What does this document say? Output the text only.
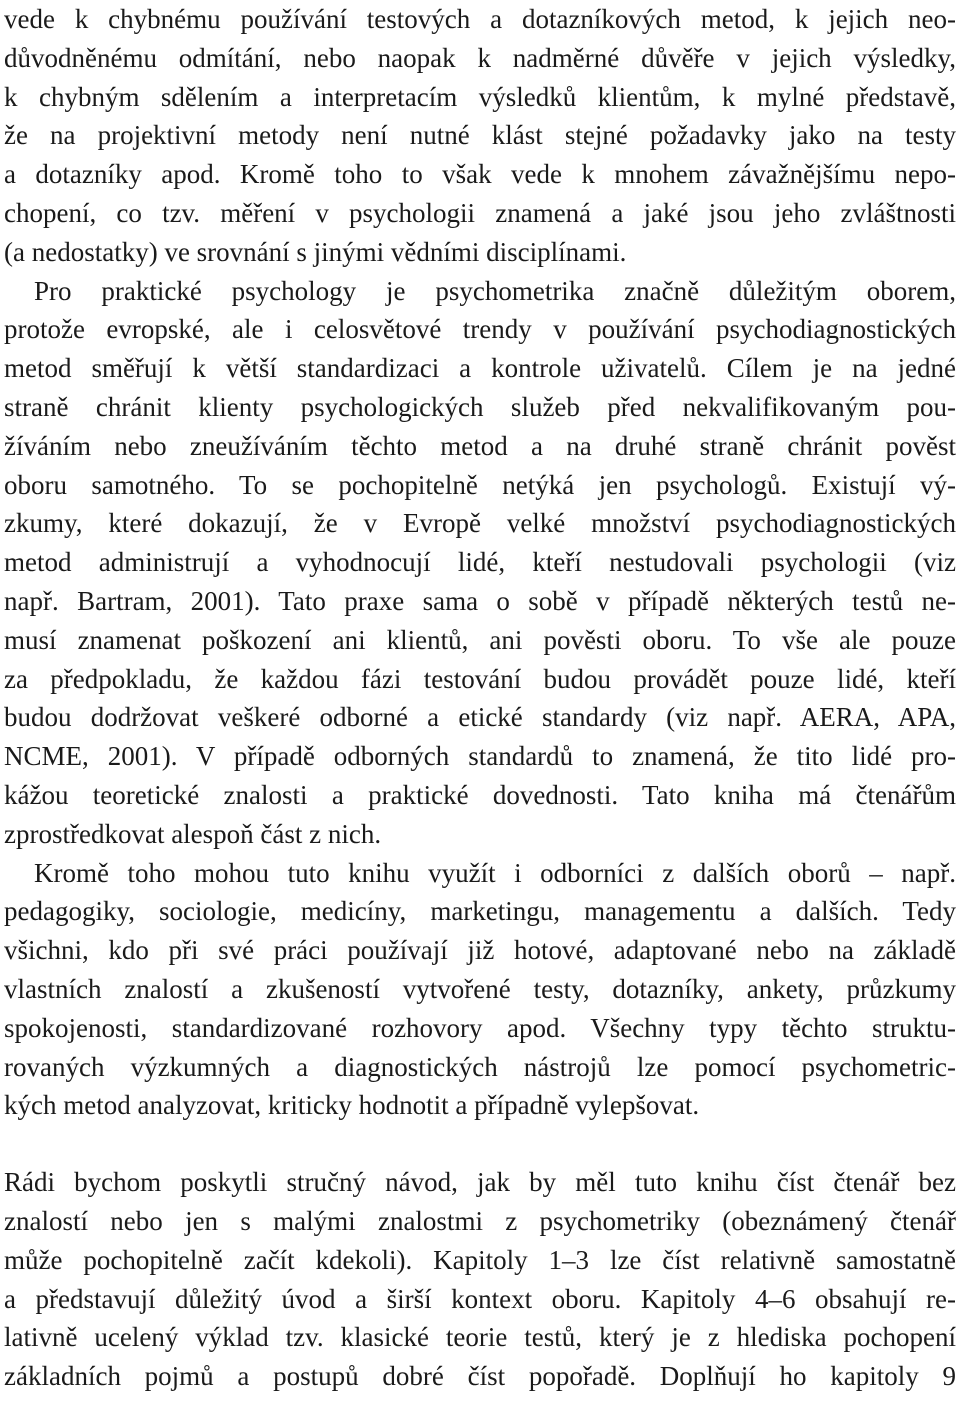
vede k chybnému používání testových a dotazníkových metod, k jejich neo-
důvodněnému odmítání, nebo naopak k nadměrné důvěře v jejich výsledky,
k chybným sdělením a interpretacím výsledků klientům, k mylné představě,
že na projektivní metody není nutné klást stejné požadavky jako na testy
a dotazníky apod. Kromě toho to však vede k mnohem závažnějšímu nepo-
chopení, co tzv. měření v psychologii znamená a jaké jsou jeho zvláštnosti
(a nedostatky) ve srovnání s jinými vědními disciplínami.
Pro praktické psychology je psychometrika značně důležitým oborem,
protože evropské, ale i celosvětové trendy v používání psychodiagnostických
metod směřují k větší standardizaci a kontrole uživatelů. Cílem je na jedné
straně chránit klienty psychologických služeb před nekvalifikovaným pou-
žíváním nebo zneužíváním těchto metod a na druhé straně chránit pověst
oboru samotného. To se pochopitelně netýká jen psychologů. Existují vý-
zkumy, které dokazují, že v Evropě velké množství psychodiagnostických
metod administrují a vyhodnocují lidé, kteří nestudovali psychologii (viz
např. Bartram, 2001). Tato praxe sama o sobě v případě některých testů ne-
musí znamenat poškození ani klientů, ani pověsti oboru. To vše ale pouze
za předpokladu, že každou fázi testování budou provádět pouze lidé, kteří
budou dodržovat veškeré odborné a etické standardy (viz např. AERA, APA,
NCME, 2001). V případě odborných standardů to znamená, že tito lidé pro-
kážou teoretické znalosti a praktické dovednosti. Tato kniha má čtenářům
zprostředkovat alespoň část z nich.
Kromě toho mohou tuto knihu využít i odborníci z dalších oborů – např.
pedagogiky, sociologie, medicíny, marketingu, managementu a dalších. Tedy
všichni, kdo při své práci používají již hotové, adaptované nebo na základě
vlastních znalostí a zkušeností vytvořené testy, dotazníky, ankety, průzkumy
spokojenosti, standardizované rozhovory apod. Všechny typy těchto struktu-
rovaných výzkumných a diagnostických nástrojů lze pomocí psychometric-
kých metod analyzovat, kriticky hodnotit a případně vylepšovat.
Rádi bychom poskytli stručný návod, jak by měl tuto knihu číst čtenář bez
znalostí nebo jen s malými znalostmi z psychometriky (obeznámený čtenář
může pochopitelně začít kdekoli). Kapitoly 1–3 lze číst relativně samostatně
a představují důležitý úvod a širší kontext oboru. Kapitoly 4–6 obsahují re-
lativně ucelený výklad tzv. klasické teorie testů, který je z hlediska pochopení
základních pojmů a postupů dobré číst popořadě. Doplňují ho kapitoly 9
